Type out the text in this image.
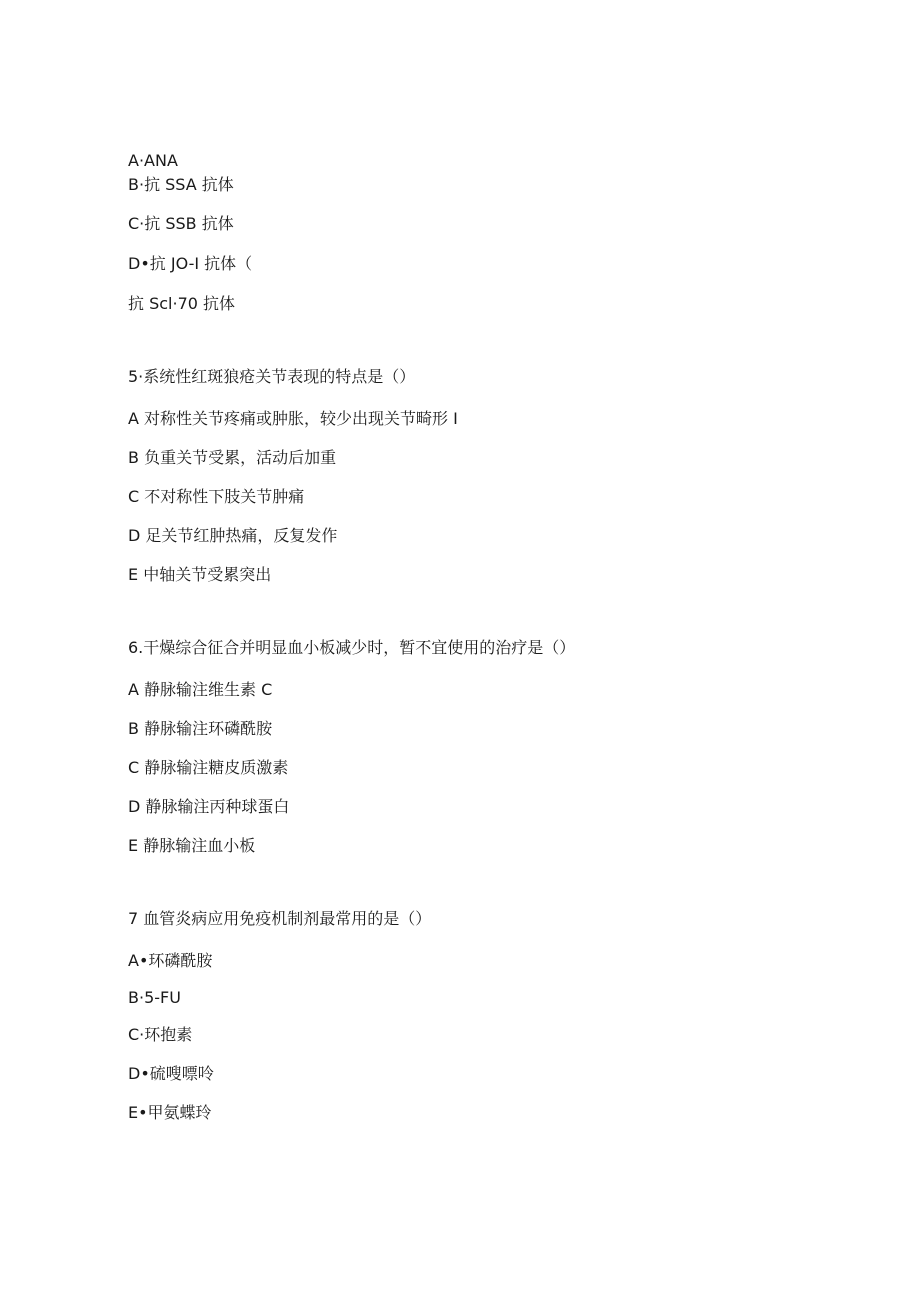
A·ANA
B·抗 SSA 抗体
C·抗 SSB 抗体
D•抗 JO-I 抗体（
抗 Scl·70 抗体
5·系统性红斑狼疮关节表现的特点是（）
A 对称性关节疼痛或肿胀，较少出现关节畸形 I
B 负重关节受累，活动后加重
C 不对称性下肢关节肿痛
D 足关节红肿热痛，反复发作
E 中轴关节受累突出
6.干燥综合征合并明显血小板减少时，暂不宜使用的治疗是（）
A 静脉输注维生素 C
B 静脉输注环磷酰胺
C 静脉输注糖皮质激素
D 静脉输注丙种球蛋白
E 静脉输注血小板
7 血管炎病应用免疫机制剂最常用的是（）
A•环磷酰胺
B·5-FU
C·环抱素
D•硫嗖嘌呤
E•甲氨蝶玲
